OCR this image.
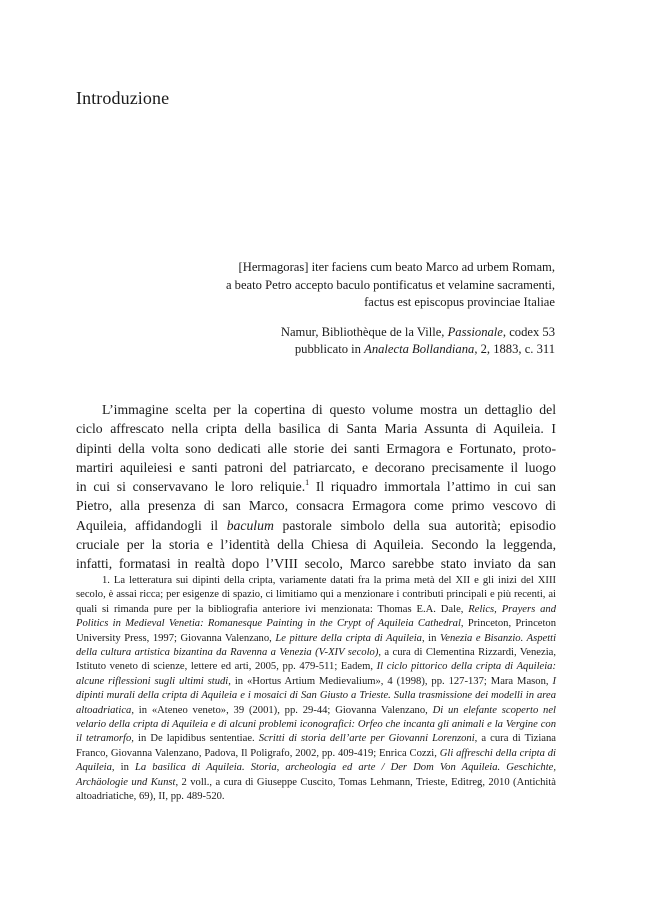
Introduzione
[Hermagoras] iter faciens cum beato Marco ad urbem Romam,
a beato Petro accepto baculo pontificatus et velamine sacramenti,
factus est episcopus provinciae Italiae
Namur, Bibliothèque de la Ville, Passionale, codex 53
pubblicato in Analecta Bollandiana, 2, 1883, c. 311
L’immagine scelta per la copertina di questo volume mostra un dettaglio del
ciclo affrescato nella cripta della basilica di Santa Maria Assunta di Aquileia. I
dipinti della volta sono dedicati alle storie dei santi Ermagora e Fortunato, proto-
martiri aquileiesi e santi patroni del patriarcato, e decorano precisamente il luogo
in cui si conservavano le loro reliquie.$^1$ Il riquadro immortala l’attimo in cui san
Pietro, alla presenza di san Marco, consacra Ermagora come primo vescovo di
Aquileia, affidandogli il baculum pastorale simbolo della sua autorità; episodio
cruciale per la storia e l’identità della Chiesa di Aquileia. Secondo la leggenda,
infatti, formatasi in realtà dopo l’VIII secolo, Marco sarebbe stato inviato da san

1. La letteratura sui dipinti della cripta, variamente datati fra la prima metà del XII e gli inizi del XIII secolo, è assai ricca; per esigenze di spazio, ci limitiamo qui a menzionare i contributi principali e più recenti, ai quali si rimanda pure per la bibliografia anteriore ivi menzionata: Thomas E.A. Dale, Relics, Prayers and Politics in Medieval Venetia: Romanesque Painting in the Crypt of Aquileia Cathedral, Princeton, Princeton University Press, 1997; Giovanna Valenzano, Le pitture della cripta di Aquileia, in Venezia e Bisanzio. Aspetti della cultura artistica bizantina da Ravenna a Venezia (V-XIV secolo), a cura di Clementina Rizzardi, Venezia, Istituto veneto di scienze, lettere ed arti, 2005, pp. 479-511; Eadem, Il ciclo pittorico della cripta di Aquileia: alcune riflessioni sugli ultimi studi, in «Hortus Artium Medievalium», 4 (1998), pp. 127-137; Mara Mason, I dipinti murali della cripta di Aquileia e i mosaici di San Giusto a Trieste. Sulla trasmissione dei modelli in area altoadriatica, in «Ateneo veneto», 39 (2001), pp. 29-44; Giovanna Valenzano, Di un elefante scoperto nel velario della cripta di Aquileia e di alcuni problemi iconografici: Orfeo che incanta gli animali e la Vergine con il tetramorfo, in De lapidibus sententiae. Scritti di storia dell’arte per Giovanni Lorenzoni, a cura di Tiziana Franco, Giovanna Valenzano, Padova, Il Poligrafo, 2002, pp. 409-419; Enrica Cozzi, Gli affreschi della cripta di Aquileia, in La basilica di Aquileia. Storia, archeologia ed arte / Der Dom Von Aquileia. Geschichte, Archäologie und Kunst, 2 voll., a cura di Giuseppe Cuscito, Tomas Lehmann, Trieste, Editreg, 2010 (Antichità altoadriatiche, 69), II, pp. 489-520.
